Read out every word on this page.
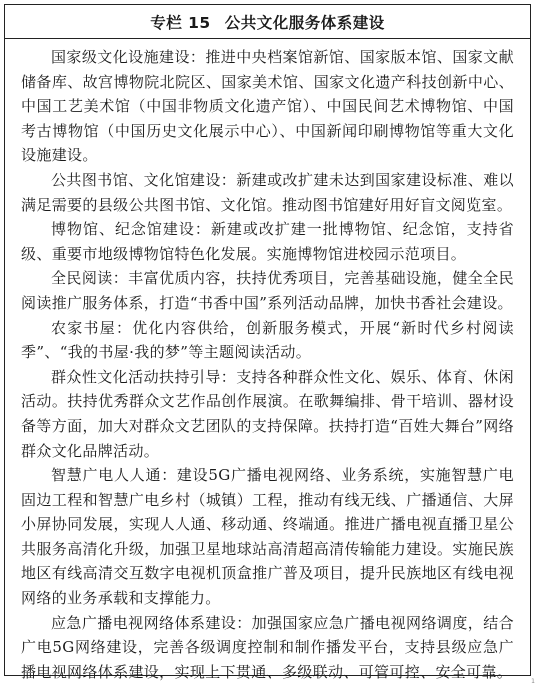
专栏 15 公共文化服务体系建设

国家级文化设施建设：推进中央档案馆新馆、国家版本馆、国家文献储备库、故宫博物院北院区、国家美术馆、国家文化遗产科技创新中心、中国工艺美术馆（中国非物质文化遗产馆）、中国民间艺术博物馆、中国考古博物馆（中国历史文化展示中心）、中国新闻印刷博物馆等重大文化设施建设。

公共图书馆、文化馆建设：新建或改扩建未达到国家建设标准、难以满足需要的县级公共图书馆、文化馆。推动图书馆建好用好盲文阅览室。

博物馆、纪念馆建设：新建或改扩建一批博物馆、纪念馆，支持省级、重要市地级博物馆特色化发展。实施博物馆进校园示范项目。

全民阅读：丰富优质内容，扶持优秀项目，完善基础设施，健全全民阅读推广服务体系，打造“书香中国”系列活动品牌，加快书香社会建设。

农家书屋：优化内容供给，创新服务模式，开展“新时代乡村阅读季”、“我的书屋·我的梦”等主题阅读活动。

群众性文化活动扶持引导：支持各种群众性文化、娱乐、体育、休闲活动。扶持优秀群众文艺作品创作展演。在歌舞编排、骨干培训、器材设备等方面，加大对群众文艺团队的支持保障。扶持打造“百姓大舞台”网络群众文化品牌活动。

智慧广电人人通：建设5G广播电视网络、业务系统，实施智慧广电固边工程和智慧广电乡村（城镇）工程，推动有线无线、广播通信、大屏小屏协同发展，实现人人通、移动通、终端通。推进广播电视直播卫星公共服务高清化升级，加强卫星地球站高清超高清传输能力建设。实施民族地区有线高清交互数字电视机顶盒推广普及项目，提升民族地区有线电视网络的业务承载和支撑能力。

应急广播电视网络体系建设：加强国家应急广播电视网络调度，结合广电5G网络建设，完善各级调度控制和制作播发平台，支持县级应急广播电视网络体系建设，实现上下贯通、多级联动、可管可控、安全可靠。

1
